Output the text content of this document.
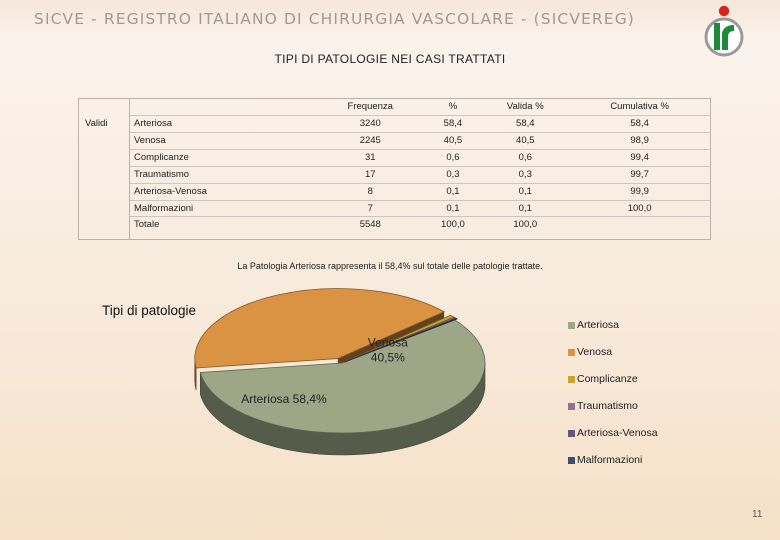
SICVE - REGISTRO ITALIANO DI CHIRURGIA VASCOLARE - (SICVEREG)
TIPI DI PATOLOGIE NEI CASI TRATTATI
		Frequenza	%	Valida %	Cumulativa %
Validi	Arteriosa	3240	58,4	58,4	58,4
	Venosa	2245	40,5	40,5	98,9
	Complicanze	31	0,6	0,6	99,4
	Traumatismo	17	0,3	0,3	99,7
	Arteriosa-Venosa	8	0,1	0,1	99,9
	Malformazioni	7	0,1	0,1	100,0
	Totale	5548	100,0	100,0	
La Patologia Arteriosa rappresenta il 58,4% sul totale delle patologie trattate.
Tipi di patologie
Arteriosa 58,4%
Venosa 40,5%
Arteriosa
Venosa
Complicanze
Traumatismo
Arteriosa-Venosa
Malformazioni
11
